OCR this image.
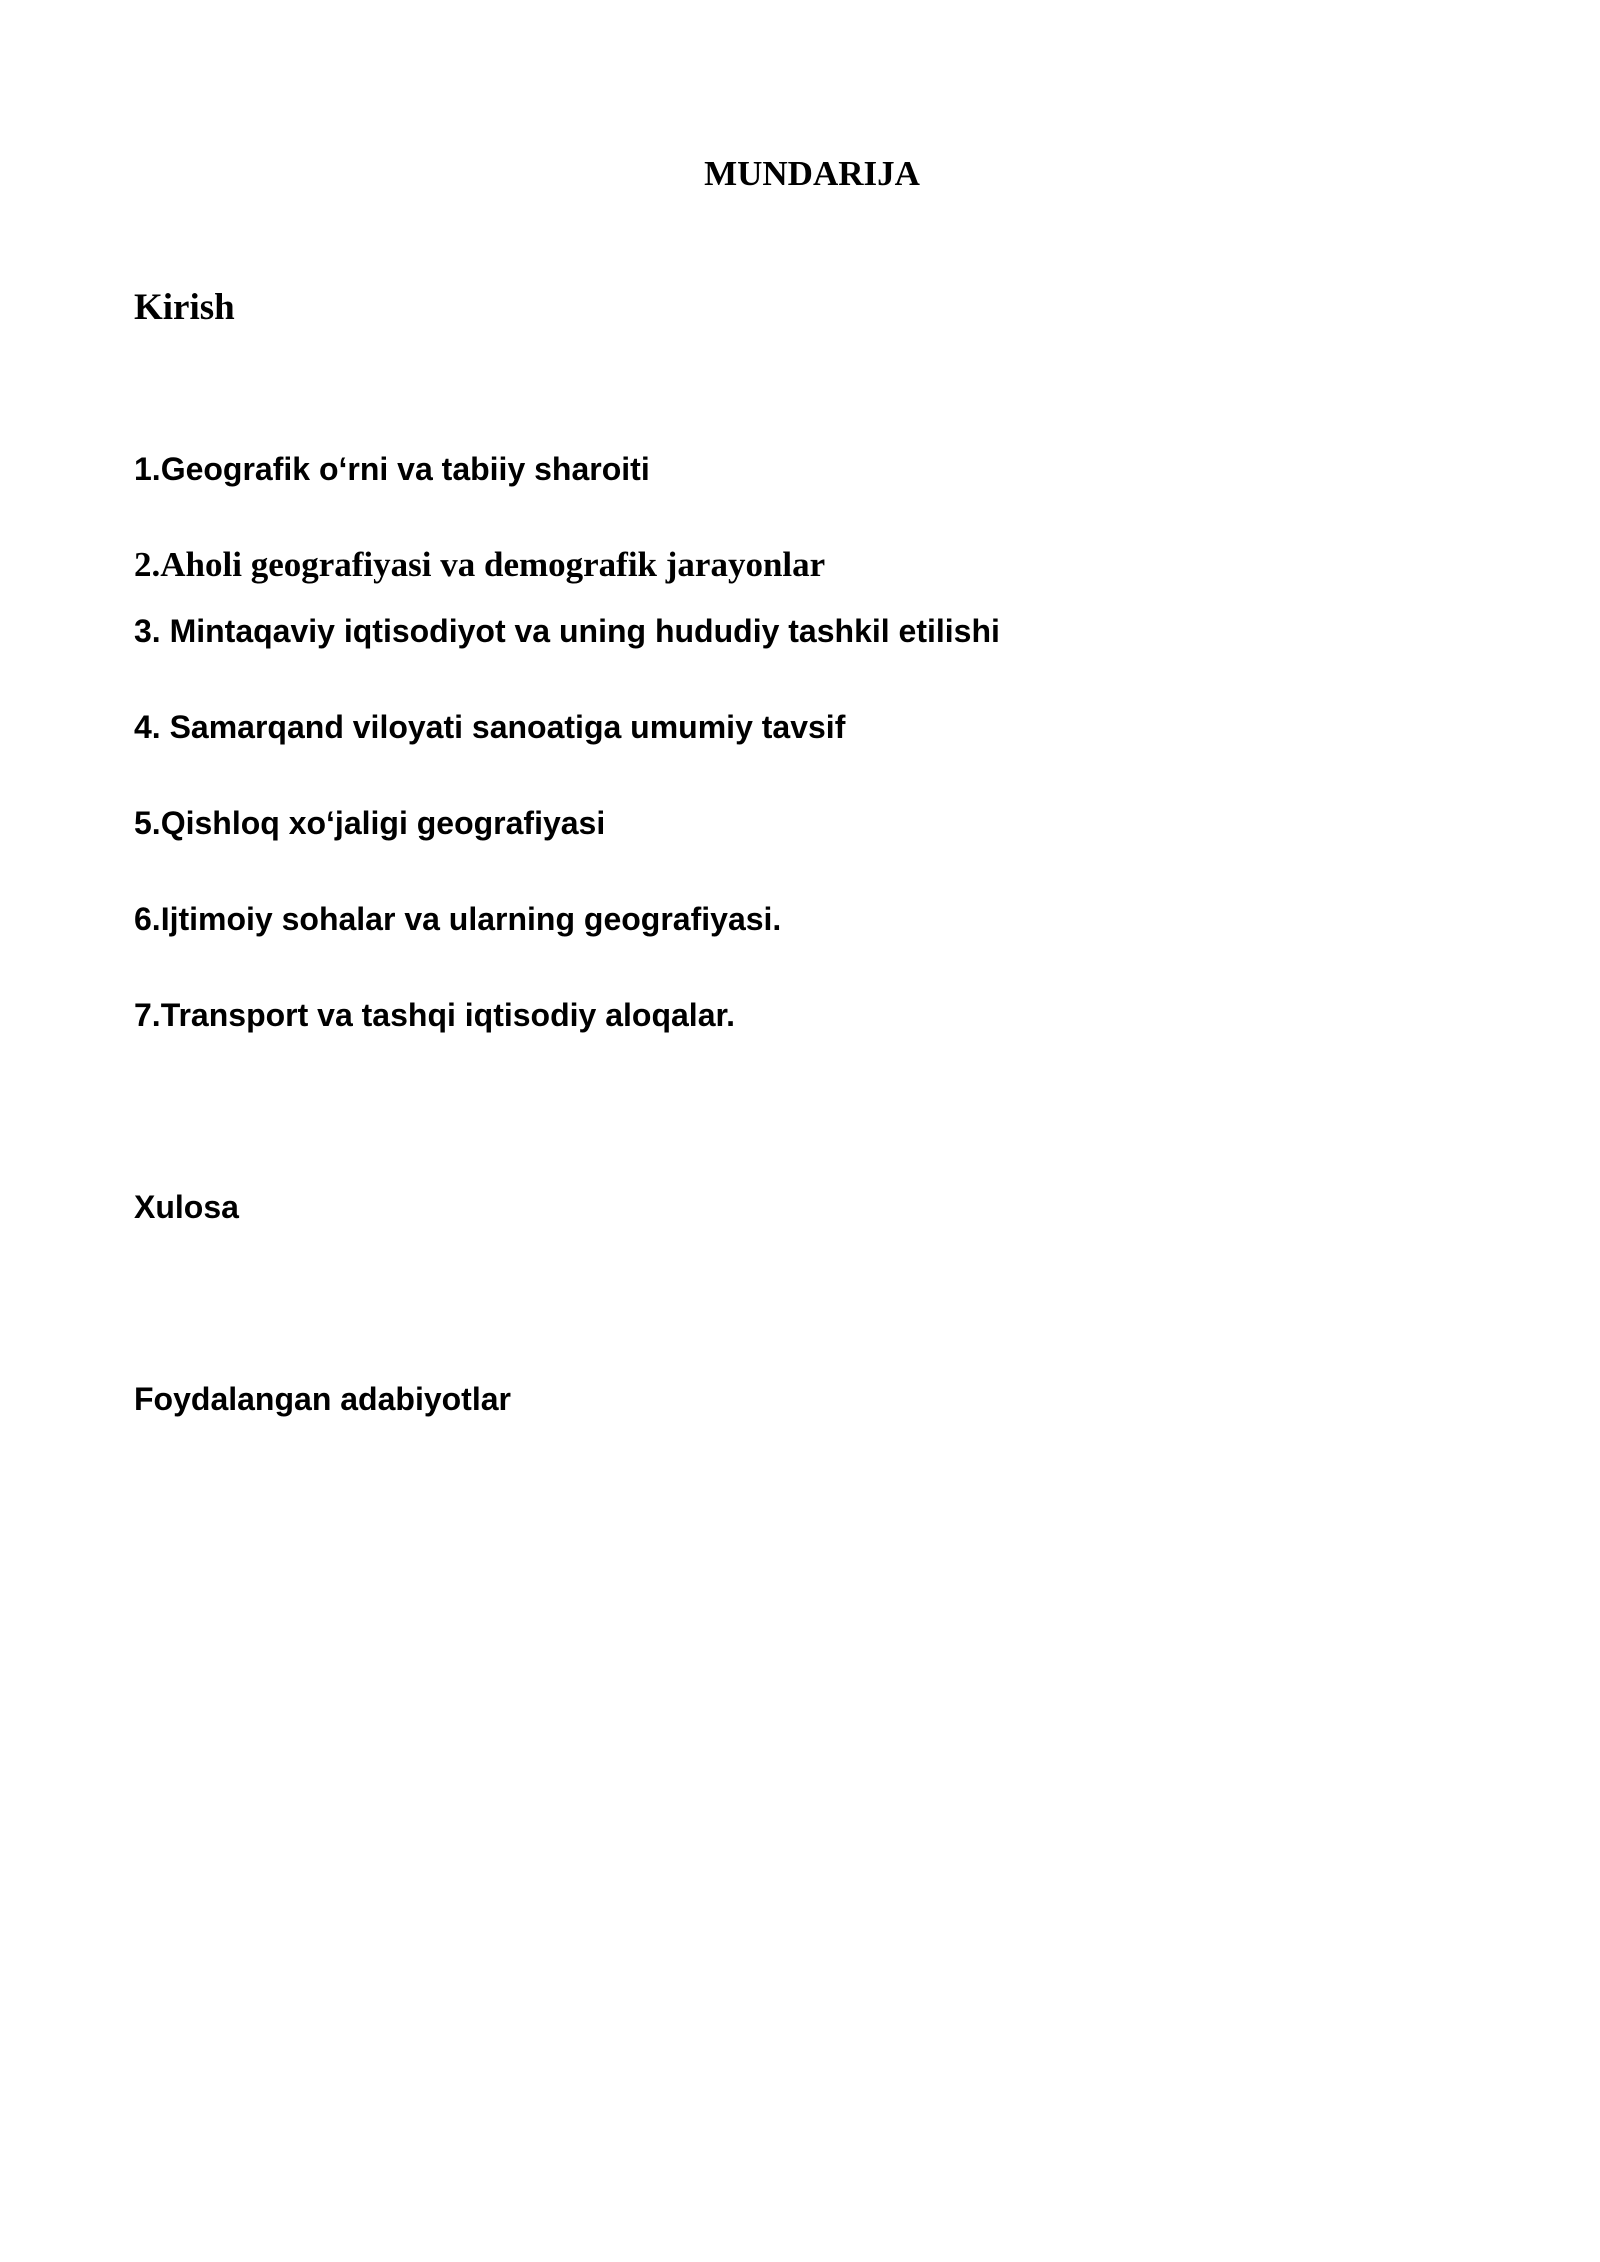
MUNDARIJA
Kirish
1.Geografik o‘rni va tabiiy sharoiti
2.Aholi geografiyasi va demografik jarayonlar
3. Mintaqaviy iqtisodiyot va uning hududiy tashkil etilishi
4. Samarqand viloyati sanoatiga umumiy tavsif
5.Qishloq xo‘jaligi geografiyasi
6.Ijtimoiy sohalar va ularning geografiyasi.
7.Transport va tashqi iqtisodiy aloqalar.
Xulosa
Foydalangan adabiyotlar
